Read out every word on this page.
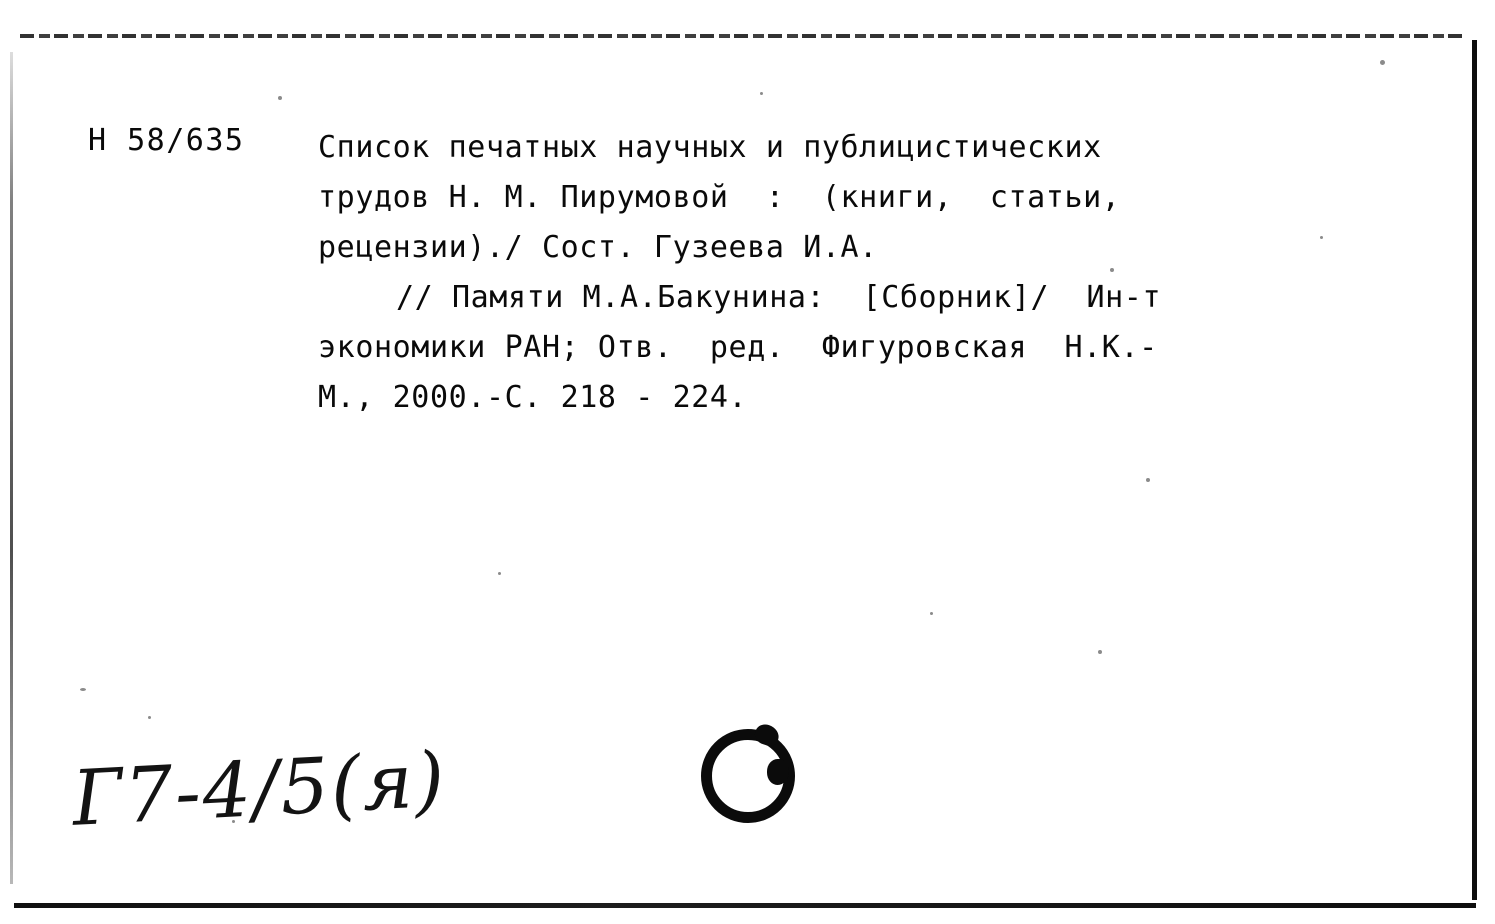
Н 58/635 Список печатных научных и публицистических
трудов Н. М. Пирумовой  :  (книги,  статьи,
рецензии)./ Сост. Гузеева И.А.
// Памяти М.А.Бакунина:  [Сборник]/  Ин-т
экономики РАН; Отв.  ред.  Фигуровская  Н.К.-
М., 2000.-С. 218 - 224.
Г7-4/5(я)
